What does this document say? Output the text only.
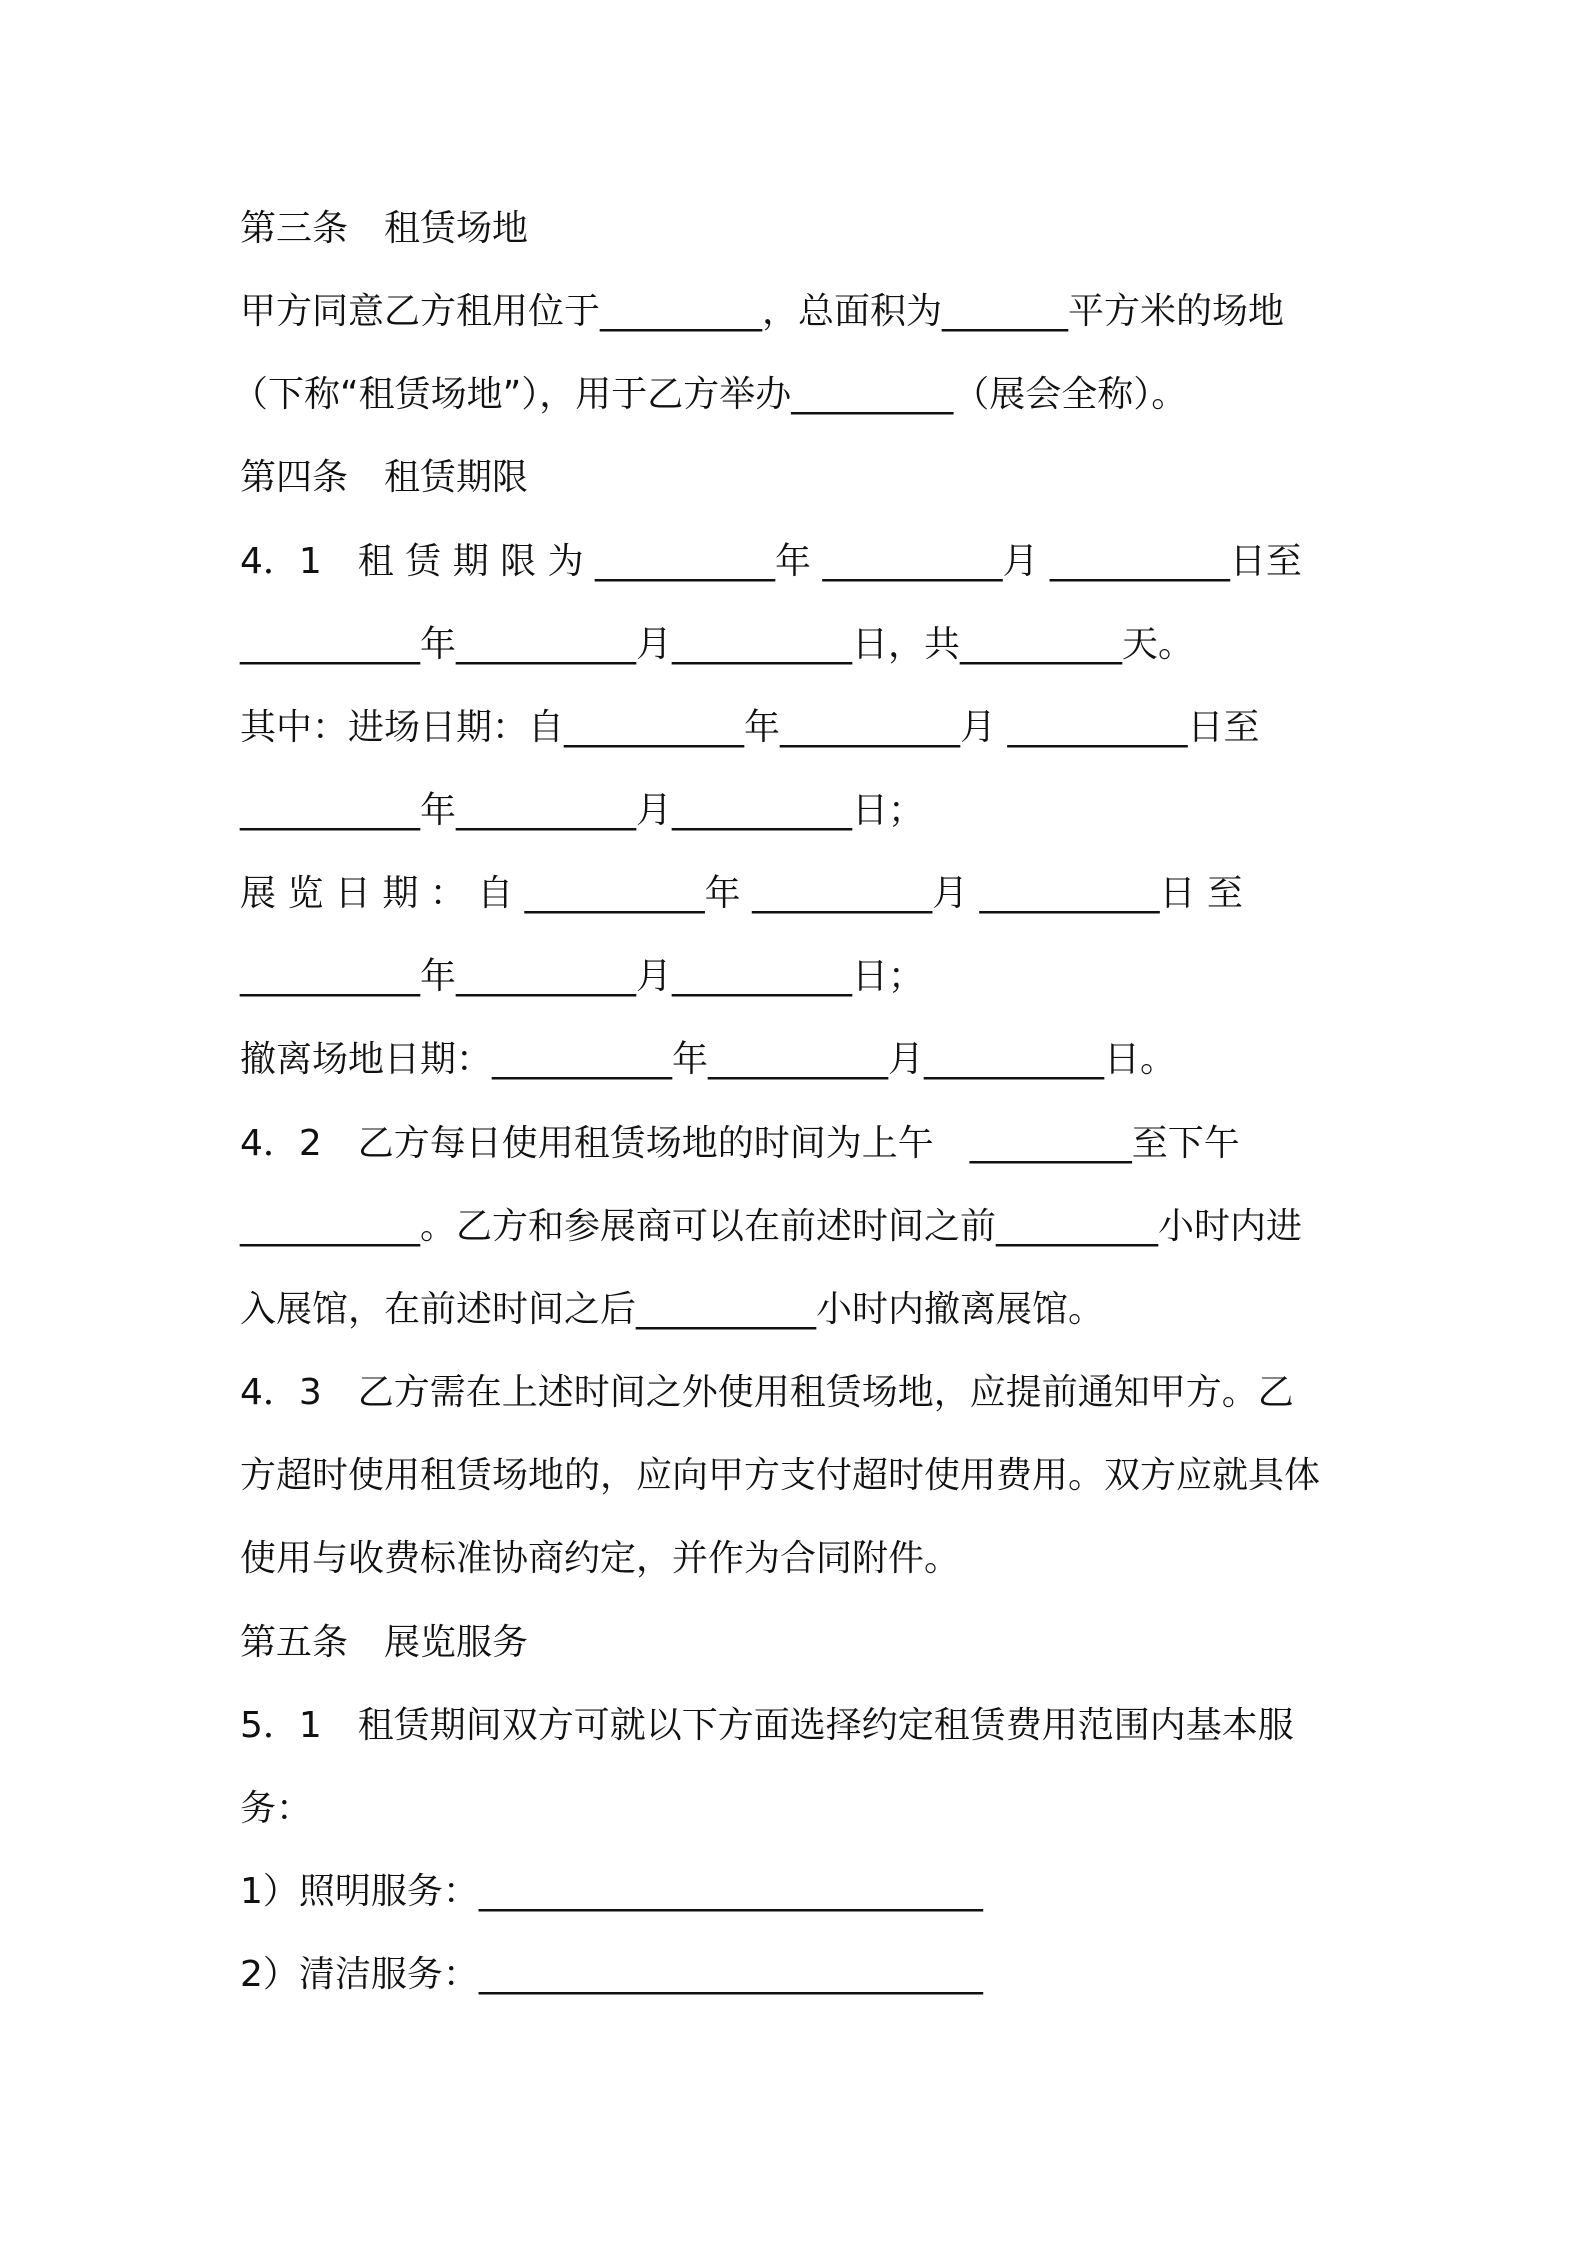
第三条　租赁场地
甲方同意乙方租用位于_________，总面积为_______平方米的场地
（下称“租赁场地”），用于乙方举办_________（展会全称）。
第四条　租赁期限
4．1　租 赁 期 限 为 __________年 __________月 __________日至
__________年__________月__________日，共_________天。
其中：进场日期：自__________年__________月 __________日至
__________年__________月__________日；
展 览 日 期 ： 自 __________年 __________月 __________日 至
__________年__________月__________日；
撤离场地日期：__________年__________月__________日。
4．2　乙方每日使用租赁场地的时间为上午　_________至下午
__________。乙方和参展商可以在前述时间之前_________小时内进
入展馆，在前述时间之后__________小时内撤离展馆。
4．3　乙方需在上述时间之外使用租赁场地，应提前通知甲方。乙
方超时使用租赁场地的，应向甲方支付超时使用费用。双方应就具体
使用与收费标准协商约定，并作为合同附件。
第五条　展览服务
5．1　租赁期间双方可就以下方面选择约定租赁费用范围内基本服
务：
1）照明服务：____________________________
2）清洁服务：____________________________
